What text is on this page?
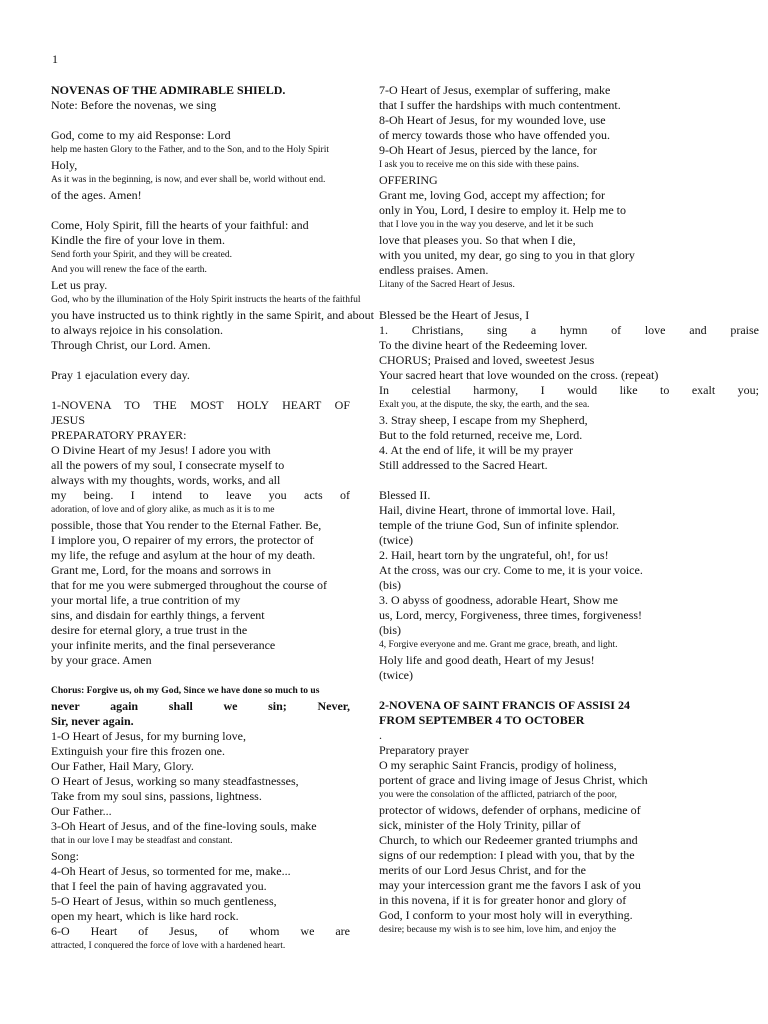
1
NOVENAS OF THE ADMIRABLE SHIELD.
Note: Before the novenas, we sing
God, come to my aid Response: Lord
help me hasten Glory to the Father, and to the Son, and to the Holy Spirit
Holy,
As it was in the beginning, is now, and ever shall be, world without end.
of the ages. Amen!
Come, Holy Spirit, fill the hearts of your faithful: and
Kindle the fire of your love in them.
Send forth your Spirit, and they will be created.
And you will renew the face of the earth.
Let us pray.
God, who by the illumination of the Holy Spirit instructs the hearts of the faithful
you have instructed us to think rightly in the same Spirit, and about
to always rejoice in his consolation.
Through Christ, our Lord. Amen.
Pray 1 ejaculation every day.
1-NOVENA TO THE MOST HOLY HEART OF
JESUS
PREPARATORY PRAYER:
O Divine Heart of my Jesus! I adore you with
all the powers of my soul, I consecrate myself to
always with my thoughts, words, works, and all
my being. I intend to leave you acts of
adoration, of love and of glory alike, as much as it is to me
possible, those that You render to the Eternal Father. Be,
I implore you, O repairer of my errors, the protector of
my life, the refuge and asylum at the hour of my death.
Grant me, Lord, for the moans and sorrows in
that for me you were submerged throughout the course of
your mortal life, a true contrition of my
sins, and disdain for earthly things, a fervent
desire for eternal glory, a true trust in the
your infinite merits, and the final perseverance
by your grace. Amen
Chorus: Forgive us, oh my God, Since we have done so much to us
never again shall we sin; Never,
Sir, never again.
1-O Heart of Jesus, for my burning love,
Extinguish your fire this frozen one.
Our Father, Hail Mary, Glory.
O Heart of Jesus, working so many steadfastnesses,
Take from my soul sins, passions, lightness.
Our Father...
3-Oh Heart of Jesus, and of the fine-loving souls, make
that in our love I may be steadfast and constant.
Song:
4-Oh Heart of Jesus, so tormented for me, make...
that I feel the pain of having aggravated you.
5-O Heart of Jesus, within so much gentleness,
open my heart, which is like hard rock.
6-O Heart of Jesus, of whom we are
attracted, I conquered the force of love with a hardened heart.
7-O Heart of Jesus, exemplar of suffering, make
that I suffer the hardships with much contentment.
8-Oh Heart of Jesus, for my wounded love, use
of mercy towards those who have offended you.
9-Oh Heart of Jesus, pierced by the lance, for
I ask you to receive me on this side with these pains.
OFFERING
Grant me, loving God, accept my affection; for
only in You, Lord, I desire to employ it. Help me to
that I love you in the way you deserve, and let it be such
love that pleases you. So that when I die,
with you united, my dear, go sing to you in that glory
endless praises. Amen.
Litany of the Sacred Heart of Jesus.
Blessed be the Heart of Jesus, I
1. Christians, sing a hymn of love and praise
To the divine heart of the Redeeming lover.
CHORUS; Praised and loved, sweetest Jesus
Your sacred heart that love wounded on the cross. (repeat)
In celestial harmony, I would like to exalt you;
Exalt you, at the dispute, the sky, the earth, and the sea.
3. Stray sheep, I escape from my Shepherd,
But to the fold returned, receive me, Lord.
4. At the end of life, it will be my prayer
Still addressed to the Sacred Heart.
Blessed II.
Hail, divine Heart, throne of immortal love. Hail,
temple of the triune God, Sun of infinite splendor.
(twice)
2. Hail, heart torn by the ungrateful, oh!, for us!
At the cross, was our cry. Come to me, it is your voice.
(bis)
3. O abyss of goodness, adorable Heart, Show me
us, Lord, mercy, Forgiveness, three times, forgiveness!
(bis)
4, Forgive everyone and me. Grant me grace, breath, and light.
Holy life and good death, Heart of my Jesus!
(twice)
2-NOVENA OF SAINT FRANCIS OF ASSISI 24
FROM SEPTEMBER 4 TO OCTOBER
.
Preparatory prayer
O my seraphic Saint Francis, prodigy of holiness,
portent of grace and living image of Jesus Christ, which
you were the consolation of the afflicted, patriarch of the poor,
protector of widows, defender of orphans, medicine of
sick, minister of the Holy Trinity, pillar of
Church, to which our Redeemer granted triumphs and
signs of our redemption: I plead with you, that by the
merits of our Lord Jesus Christ, and for the
may your intercession grant me the favors I ask of you
in this novena, if it is for greater honor and glory of
God, I conform to your most holy will in everything.
desire; because my wish is to see him, love him, and enjoy the
